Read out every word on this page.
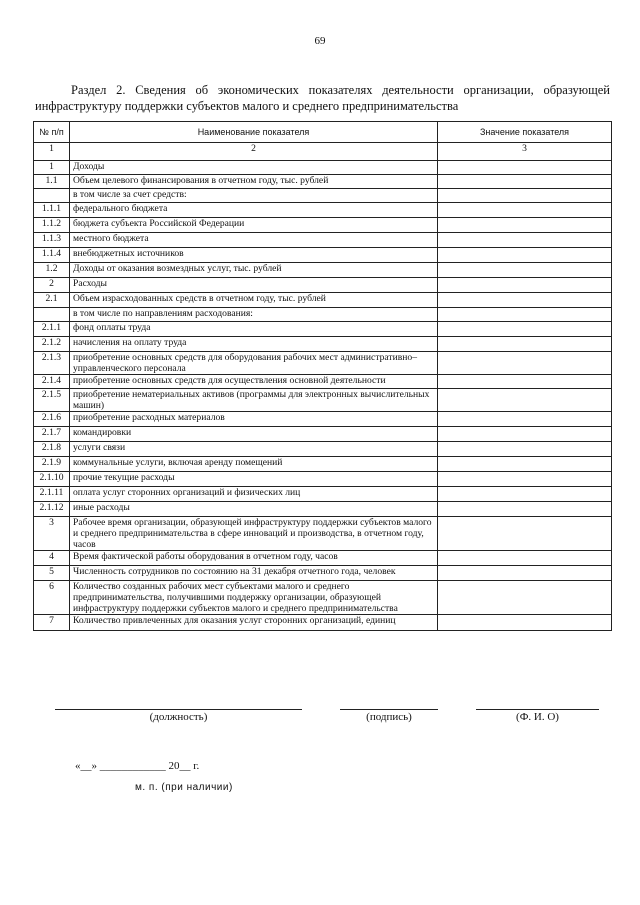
69
Раздел 2. Сведения об экономических показателях деятельности организации, образующей инфраструктуру поддержки субъектов малого и среднего предпринимательства
№ п/п	Наименование показателя	Значение показателя
1	2	3
1	Доходы	
1.1	Объем целевого финансирования в отчетном году, тыс. рублей	
	в том числе за счет средств:	
1.1.1	федерального бюджета	
1.1.2	бюджета субъекта Российской Федерации	
1.1.3	местного бюджета	
1.1.4	внебюджетных источников	
1.2	Доходы от оказания возмездных услуг, тыс. рублей	
2	Расходы	
2.1	Объем израсходованных средств в отчетном году, тыс. рублей	
	в том числе по направлениям расходования:	
2.1.1	фонд оплаты труда	
2.1.2	начисления на оплату труда	
2.1.3	приобретение основных средств для оборудования рабочих мест административно–управленческого персонала	
2.1.4	приобретение основных средств для осуществления основной деятельности	
2.1.5	приобретение нематериальных активов (программы для электронных вычислительных машин)	
2.1.6	приобретение расходных материалов	
2.1.7	командировки	
2.1.8	услуги связи	
2.1.9	коммунальные услуги, включая аренду помещений	
2.1.10	прочие текущие расходы	
2.1.11	оплата услуг сторонних организаций и физических лиц	
2.1.12	иные расходы	
3	Рабочее время организации, образующей инфраструктуру поддержки субъектов малого и среднего предпринимательства в сфере инноваций и производства, в отчетном году, часов	
4	Время фактической работы оборудования в отчетном году, часов	
5	Численность сотрудников по состоянию на 31 декабря отчетного года, человек	
6	Количество созданных рабочих мест субъектами малого и среднего предпринимательства, получившими поддержку организации, образующей инфраструктуру поддержки субъектов малого и среднего предпринимательства	
7	Количество привлеченных для оказания услуг сторонних организаций, единиц	
(должность)	(подпись)	(Ф. И. О)
«__» ____________ 20__ г.
м. п. (при наличии)
